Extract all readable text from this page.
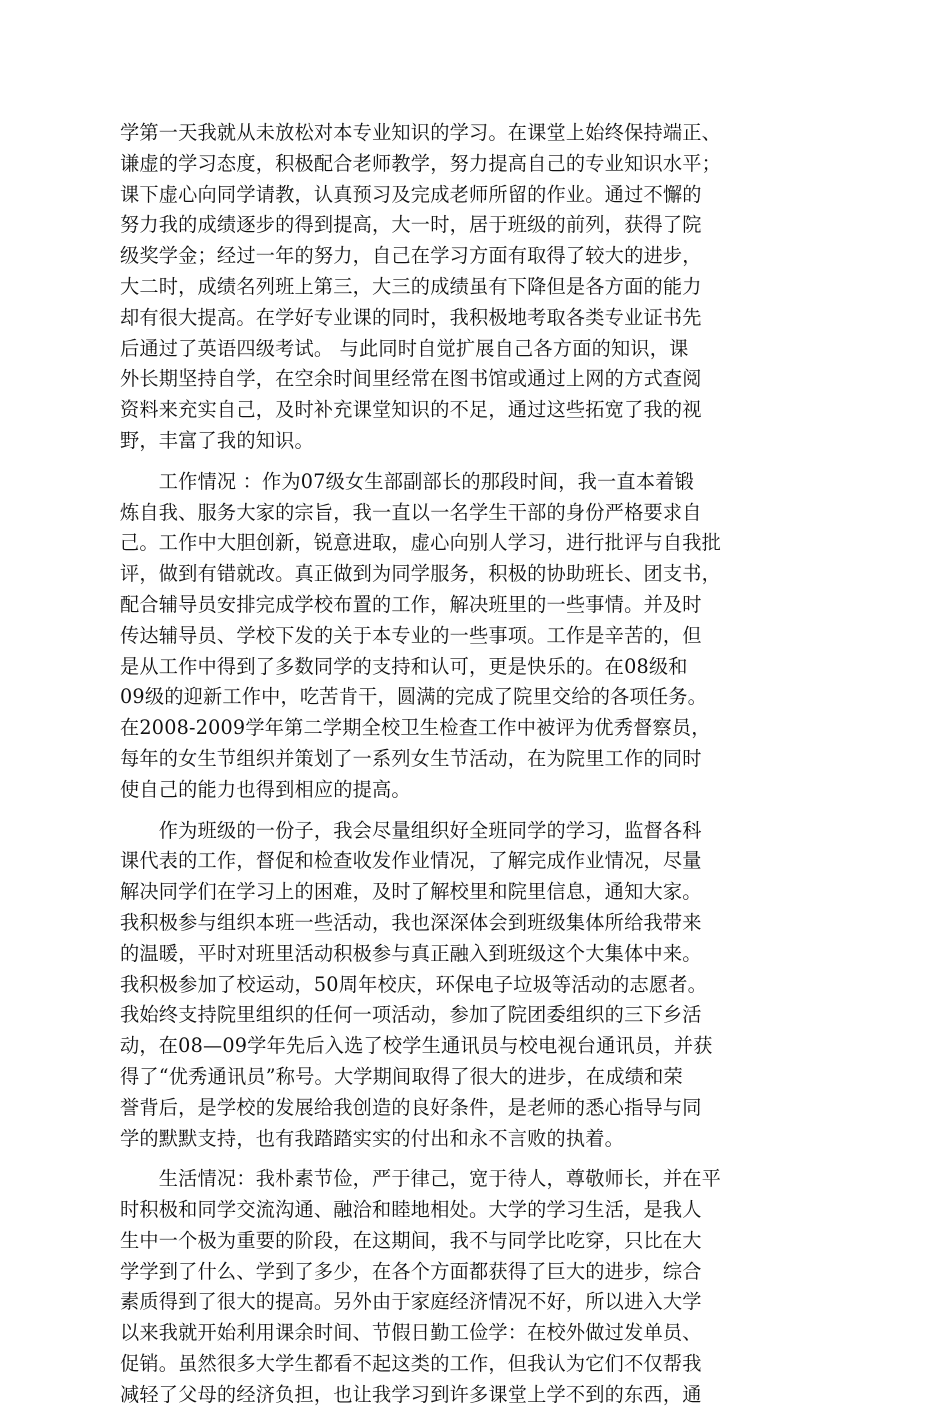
学第一天我就从未放松对本专业知识的学习。在课堂上始终保持端正、
谦虚的学习态度，积极配合老师教学，努力提高自己的专业知识水平；
课下虚心向同学请教，认真预习及完成老师所留的作业。通过不懈的
努力我的成绩逐步的得到提高，大一时，居于班级的前列，获得了院
级奖学金；经过一年的努力，自己在学习方面有取得了较大的进步，
大二时，成绩名列班上第三，大三的成绩虽有下降但是各方面的能力
却有很大提高。在学好专业课的同时，我积极地考取各类专业证书先
后通过了英语四级考试。 与此同时自觉扩展自己各方面的知识，课
外长期坚持自学，在空余时间里经常在图书馆或通过上网的方式查阅
资料来充实自己，及时补充课堂知识的不足，通过这些拓宽了我的视
野，丰富了我的知识。

　　工作情况 ：作为07级女生部副部长的那段时间，我一直本着锻
炼自我、服务大家的宗旨，我一直以一名学生干部的身份严格要求自
己。工作中大胆创新，锐意进取，虚心向别人学习，进行批评与自我批
评，做到有错就改。真正做到为同学服务，积极的协助班长、团支书，
配合辅导员安排完成学校布置的工作，解决班里的一些事情。并及时
传达辅导员、学校下发的关于本专业的一些事项。工作是辛苦的，但
是从工作中得到了多数同学的支持和认可，更是快乐的。在08级和
09级的迎新工作中，吃苦肯干，圆满的完成了院里交给的各项任务。
在2008-2009学年第二学期全校卫生检查工作中被评为优秀督察员，
每年的女生节组织并策划了一系列女生节活动，在为院里工作的同时
使自己的能力也得到相应的提高。

　　作为班级的一份子，我会尽量组织好全班同学的学习，监督各科
课代表的工作，督促和检查收发作业情况，了解完成作业情况，尽量
解决同学们在学习上的困难，及时了解校里和院里信息，通知大家。
我积极参与组织本班一些活动，我也深深体会到班级集体所给我带来
的温暖，平时对班里活动积极参与真正融入到班级这个大集体中来。
我积极参加了校运动，50周年校庆，环保电子垃圾等活动的志愿者。
我始终支持院里组织的任何一项活动，参加了院团委组织的三下乡活
动，在08—09学年先后入选了校学生通讯员与校电视台通讯员，并获
得了“优秀通讯员”称号。大学期间取得了很大的进步，在成绩和荣
誉背后，是学校的发展给我创造的良好条件，是老师的悉心指导与同
学的默默支持，也有我踏踏实实的付出和永不言败的执着。

　　生活情况：我朴素节俭，严于律己，宽于待人，尊敬师长，并在平
时积极和同学交流沟通、融洽和睦地相处。大学的学习生活，是我人
生中一个极为重要的阶段，在这期间，我不与同学比吃穿，只比在大
学学到了什么、学到了多少，在各个方面都获得了巨大的进步，综合
素质得到了很大的提高。另外由于家庭经济情况不好，所以进入大学
以来我就开始利用课余时间、节假日勤工俭学：在校外做过发单员、
促销。虽然很多大学生都看不起这类的工作，但我认为它们不仅帮我
减轻了父母的经济负担，也让我学习到许多课堂上学不到的东西，通
